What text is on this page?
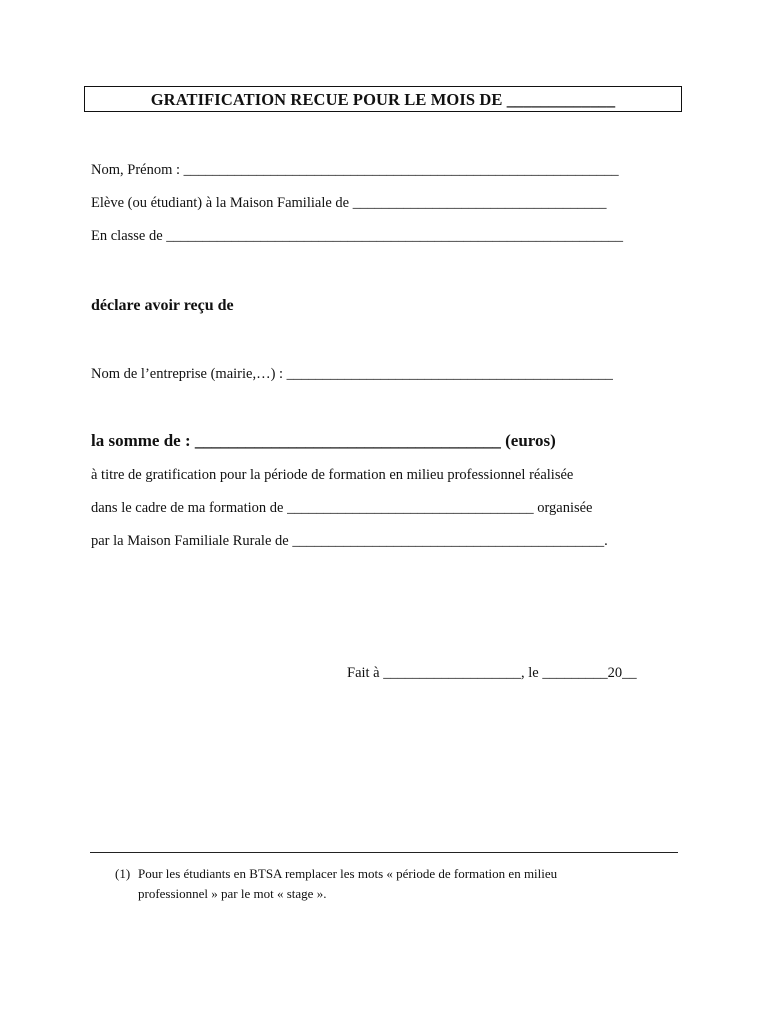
GRATIFICATION RECUE POUR LE MOIS DE _____________
Nom, Prénom : ____________________________________________________________
Elève (ou étudiant) à la Maison Familiale de ___________________________________
En classe de _______________________________________________________________
déclare avoir reçu de
Nom de l’entreprise (mairie,…) : _____________________________________________
la somme de : ____________________________________ (euros)
à titre de gratification pour la période de formation en milieu professionnel réalisée
dans le cadre de ma formation de __________________________________ organisée
par la Maison Familiale Rurale de ___________________________________________.
Fait à ___________________, le _________20__
(1) Pour les étudiants en BTSA remplacer les mots « période de formation en milieu
professionnel » par le mot « stage ».
